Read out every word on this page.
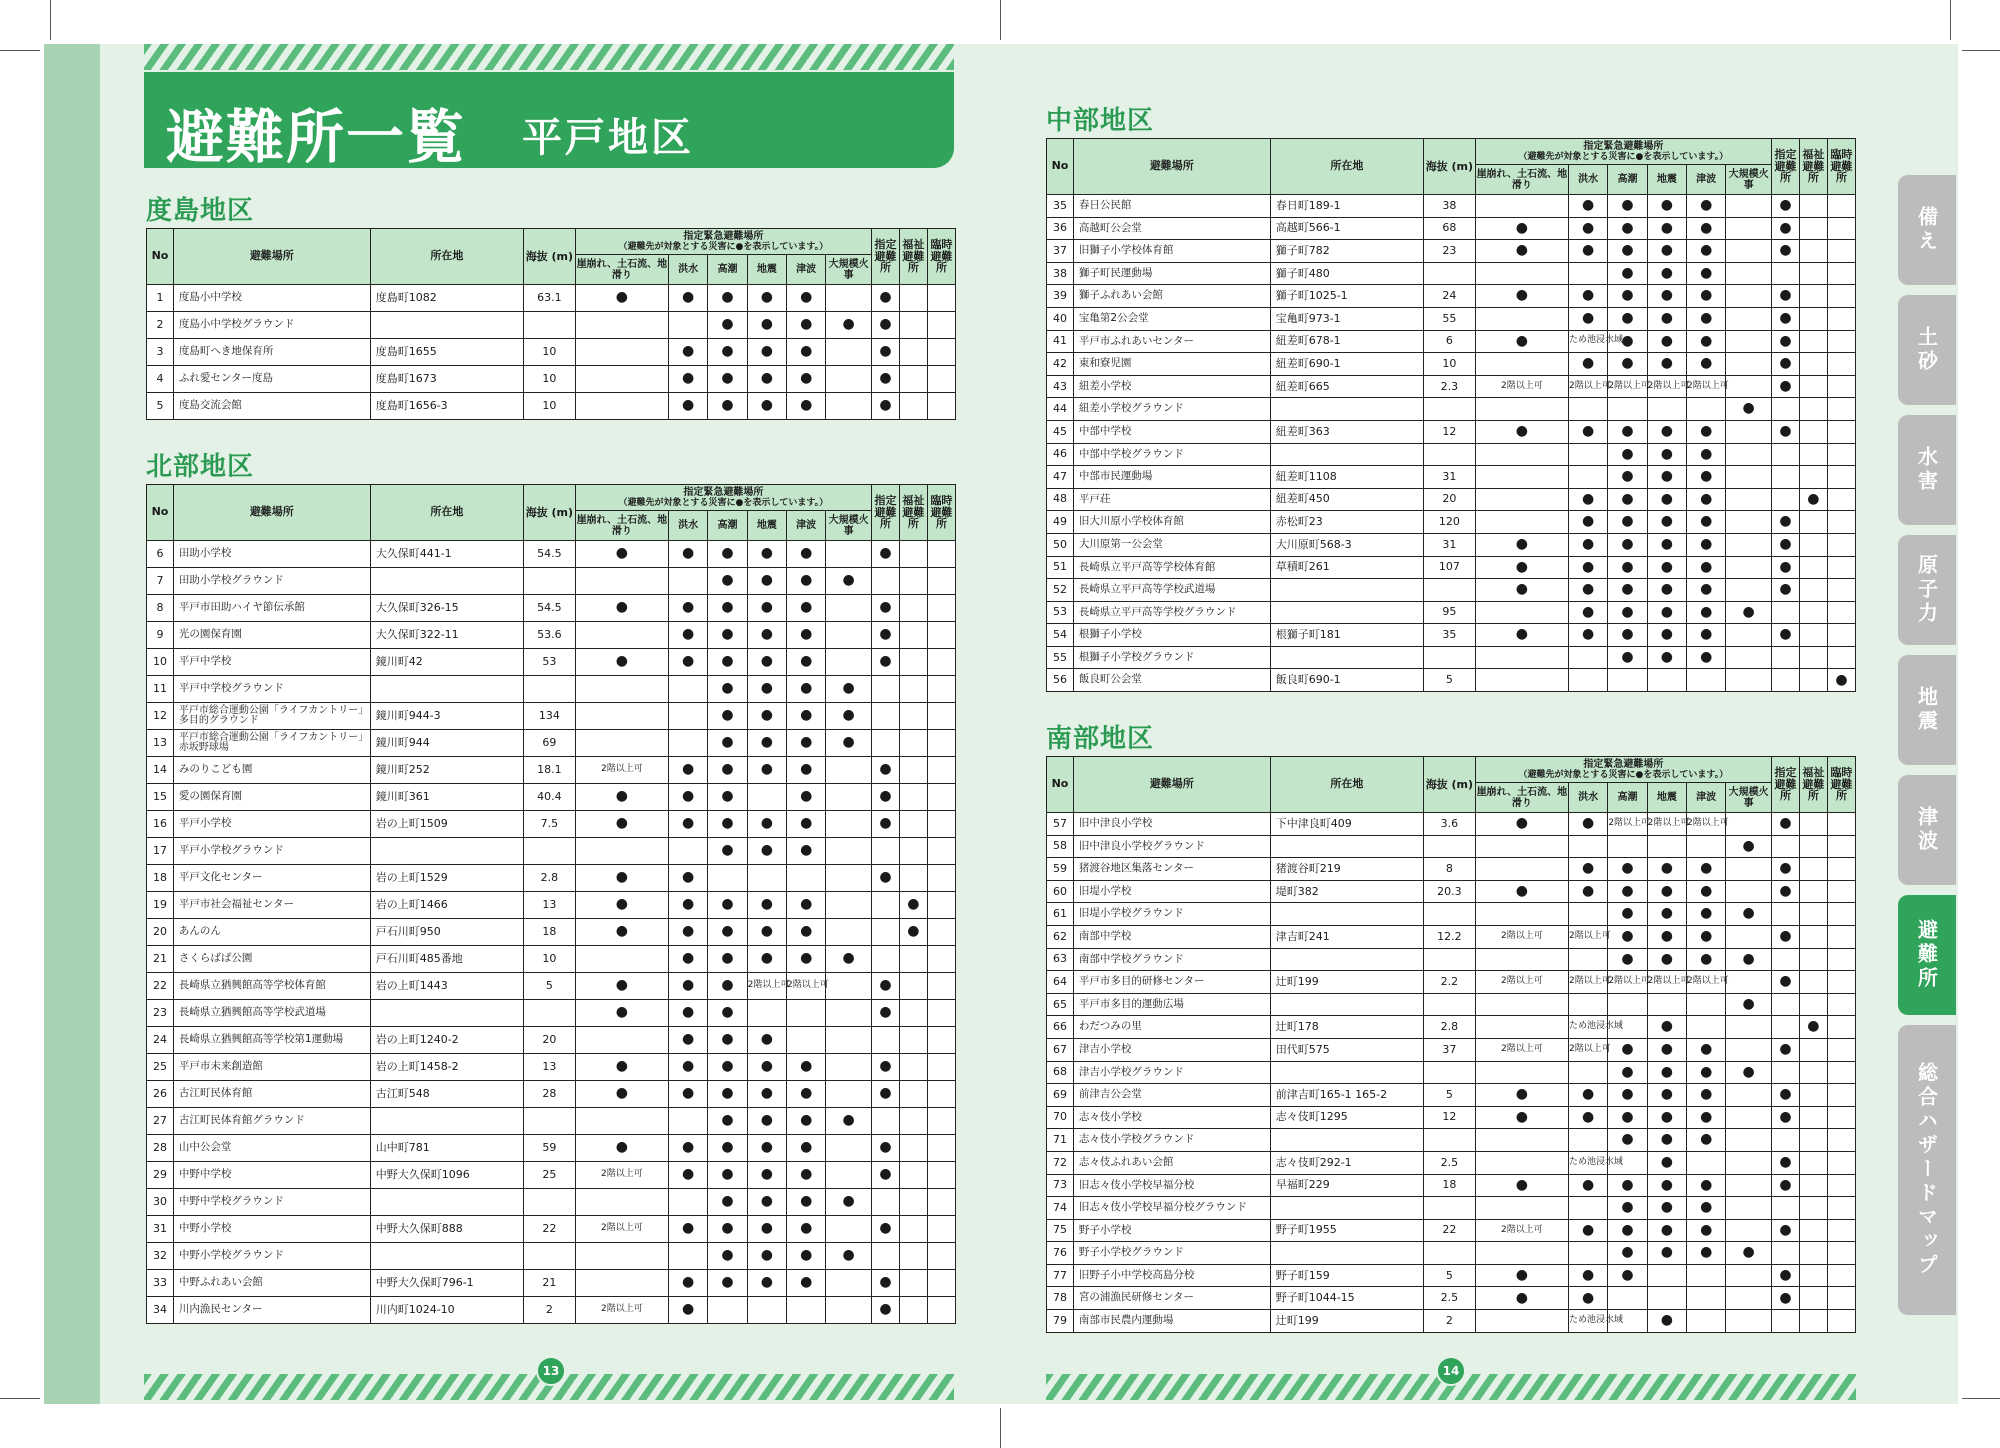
避難所一覧 平戸地区
度島地区
北部地区
中部地区
南部地区
No	避難場所	所在地	海抜 (m)	指定緊急避難場所
（避難先が対象とする災害に●を表示しています。）						指定避難所	福祉避難所	臨時避難所
				崖崩れ、土石流、地滑り	洪水	高潮	地震	津波	大規模火事			
1	度島小中学校	度島町1082	63.1	●	●	●	●	●		●		
2	度島小中学校グラウンド					●	●	●	●	●		
3	度島町へき地保育所	度島町1655	10		●	●	●	●		●		
4	ふれ愛センター度島	度島町1673	10		●	●	●	●		●		
5	度島交流会館	度島町1656-3	10		●	●	●	●		●		
No	避難場所	所在地	海抜 (m)	指定緊急避難場所
（避難先が対象とする災害に●を表示しています。）						指定避難所	福祉避難所	臨時避難所
				崖崩れ、土石流、地滑り	洪水	高潮	地震	津波	大規模火事			
6	田助小学校	大久保町441-1	54.5	●	●	●	●	●		●		
7	田助小学校グラウンド					●	●	●	●			
8	平戸市田助ハイヤ節伝承館	大久保町326-15	54.5	●	●	●	●	●		●		
9	光の園保育園	大久保町322-11	53.6		●	●	●	●		●		
10	平戸中学校	鏡川町42	53	●	●	●	●	●		●		
11	平戸中学校グラウンド					●	●	●	●			
12	平戸市総合運動公園「ライフカントリー」多目的グラウンド	鏡川町944-3	134			●	●	●	●			
13	平戸市総合運動公園「ライフカントリー」赤坂野球場	鏡川町944	69			●	●	●	●			
14	みのりこども園	鏡川町252	18.1	2階以上可	●	●	●	●		●		
15	愛の園保育園	鏡川町361	40.4	●	●	●		●		●		
16	平戸小学校	岩の上町1509	7.5	●	●	●	●	●		●		
17	平戸小学校グラウンド					●	●	●				
18	平戸文化センター	岩の上町1529	2.8	●	●					●		
19	平戸市社会福祉センター	岩の上町1466	13	●	●	●	●	●			●	
20	あんのん	戸石川町950	18	●	●	●	●	●			●	
21	さくらばば公園	戸石川町485番地	10		●	●	●	●	●			
22	長崎県立猶興館高等学校体育館	岩の上町1443	5	●	●	●	2階以上可	2階以上可		●		
23	長崎県立猶興館高等学校武道場			●	●	●				●		
24	長崎県立猶興館高等学校第1運動場	岩の上町1240-2	20		●	●	●					
25	平戸市未来創造館	岩の上町1458-2	13	●	●	●	●	●		●		
26	古江町民体育館	古江町548	28	●	●	●	●	●		●		
27	古江町民体育館グラウンド					●	●	●	●			
28	山中公会堂	山中町781	59	●	●	●	●	●		●		
29	中野中学校	中野大久保町1096	25	2階以上可	●	●	●	●		●		
30	中野中学校グラウンド					●	●	●	●			
31	中野小学校	中野大久保町888	22	2階以上可	●	●	●	●		●		
32	中野小学校グラウンド					●	●	●	●			
33	中野ふれあい会館	中野大久保町796-1	21		●	●	●	●		●		
34	川内漁民センター	川内町1024-10	2	2階以上可	●					●		
No	避難場所	所在地	海抜 (m)	指定緊急避難場所
（避難先が対象とする災害に●を表示しています。）						指定避難所	福祉避難所	臨時避難所
				崖崩れ、土石流、地滑り	洪水	高潮	地震	津波	大規模火事			
35	春日公民館	春日町189-1	38		●	●	●	●		●		
36	高越町公会堂	高越町566-1	68	●	●	●	●	●		●		
37	旧獅子小学校体育館	獅子町782	23	●	●	●	●	●		●		
38	獅子町民運動場	獅子町480				●	●	●				
39	獅子ふれあい会館	獅子町1025-1	24	●	●	●	●	●		●		
40	宝亀第2公会堂	宝亀町973-1	55		●	●	●	●		●		
41	平戸市ふれあいセンター	紐差町678-1	6	●	ため池浸水域	●	●	●		●		
42	東和寮児園	紐差町690-1	10		●	●	●	●		●		
43	紐差小学校	紐差町665	2.3	2階以上可	2階以上可	2階以上可	2階以上可	2階以上可		●		
44	紐差小学校グラウンド								●			
45	中部中学校	紐差町363	12	●	●	●	●	●		●		
46	中部中学校グラウンド					●	●	●				
47	中部市民運動場	紐差町1108	31			●	●	●				
48	平戸荘	紐差町450	20		●	●	●	●			●	
49	旧大川原小学校体育館	赤松町23	120		●	●	●	●		●		
50	大川原第一公会堂	大川原町568-3	31	●	●	●	●	●		●		
51	長崎県立平戸高等学校体育館	草積町261	107	●	●	●	●	●		●		
52	長崎県立平戸高等学校武道場			●	●	●	●	●		●		
53	長崎県立平戸高等学校グラウンド		95		●	●	●	●	●			
54	根獅子小学校	根獅子町181	35	●	●	●	●	●		●		
55	根獅子小学校グラウンド					●	●	●				
56	飯良町公会堂	飯良町690-1	5									●
No	避難場所	所在地	海抜 (m)	指定緊急避難場所
（避難先が対象とする災害に●を表示しています。）						指定避難所	福祉避難所	臨時避難所
				崖崩れ、土石流、地滑り	洪水	高潮	地震	津波	大規模火事			
57	旧中津良小学校	下中津良町409	3.6	●	●	2階以上可	2階以上可	2階以上可		●		
58	旧中津良小学校グラウンド								●			
59	猪渡谷地区集落センター	猪渡谷町219	8		●	●	●	●		●		
60	旧堤小学校	堤町382	20.3	●	●	●	●	●		●		
61	旧堤小学校グラウンド					●	●	●	●			
62	南部中学校	津吉町241	12.2	2階以上可	2階以上可	●	●	●		●		
63	南部中学校グラウンド					●	●	●	●			
64	平戸市多目的研修センター	辻町199	2.2	2階以上可	2階以上可	2階以上可	2階以上可	2階以上可		●		
65	平戸市多目的運動広場								●			
66	わだつみの里	辻町178	2.8		ため池浸水域		●				●	
67	津吉小学校	田代町575	37	2階以上可	2階以上可	●	●	●		●		
68	津吉小学校グラウンド					●	●	●	●			
69	前津吉公会堂	前津吉町165-1 165-2	5	●	●	●	●	●		●		
70	志々伎小学校	志々伎町1295	12	●	●	●	●	●		●		
71	志々伎小学校グラウンド					●	●	●				
72	志々伎ふれあい会館	志々伎町292-1	2.5		ため池浸水域		●			●		
73	旧志々伎小学校早福分校	早福町229	18	●	●	●	●	●		●		
74	旧志々伎小学校早福分校グラウンド					●	●	●				
75	野子小学校	野子町1955	22	2階以上可	●	●	●	●		●		
76	野子小学校グラウンド					●	●	●	●			
77	旧野子小中学校高島分校	野子町159	5	●	●	●				●		
78	宮の浦漁民研修センター	野子町1044-15	2.5	●	●					●		
79	南部市民農内運動場	辻町199	2		ため池浸水域		●					
13	14
備え
土砂
水害
原子力
地震
津波
避難所
総合ハザードマップ
